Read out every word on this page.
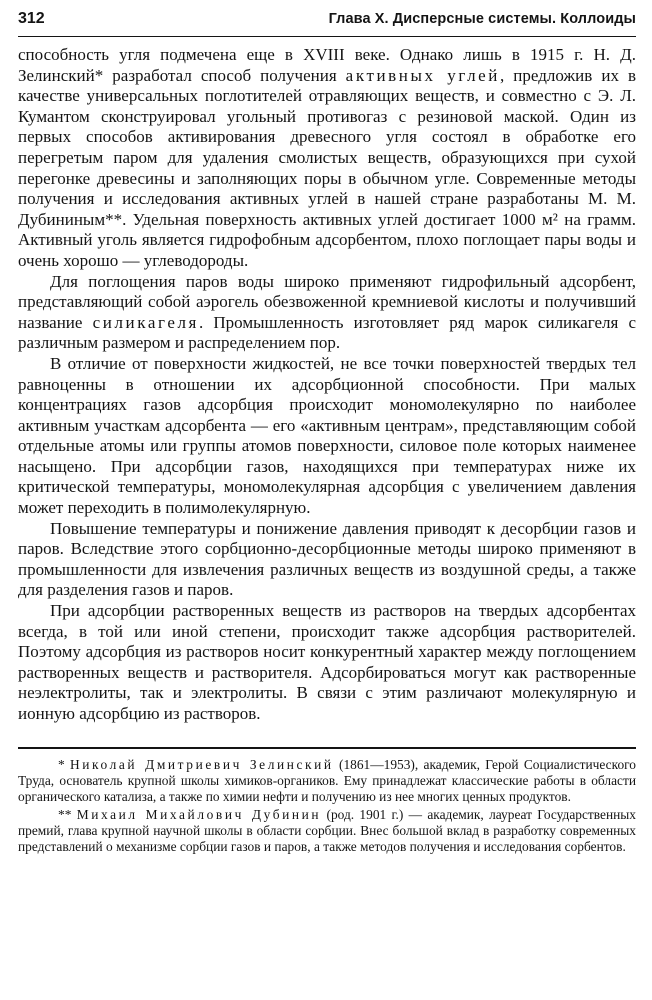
312	Глава X. Дисперсные системы. Коллоиды

способность угля подмечена еще в XVIII веке. Однако лишь в 1915 г. Н. Д. Зелинский* разработал способ получения активных углей, предложив их в качестве универсальных поглотителей отравляющих веществ, и совместно с Э. Л. Кумантом сконструировал угольный противогаз с резиновой маской. Один из первых способов активирования древесного угля состоял в обработке его перегретым паром для удаления смолистых веществ, образующихся при сухой перегонке древесины и заполняющих поры в обычном угле. Современные методы получения и исследования активных углей в нашей стране разработаны М. М. Дубининым**. Удельная поверхность активных углей достигает 1000 м² на грамм. Активный уголь является гидрофобным адсорбентом, плохо поглощает пары воды и очень хорошо — углеводороды.

Для поглощения паров воды широко применяют гидрофильный адсорбент, представляющий собой аэрогель обезвоженной кремниевой кислоты и получивший название силикагеля. Промышленность изготовляет ряд марок силикагеля с различным размером и распределением пор.

В отличие от поверхности жидкостей, не все точки поверхностей твердых тел равноценны в отношении их адсорбционной способности. При малых концентрациях газов адсорбция происходит мономолекулярно по наиболее активным участкам адсорбента — его «активным центрам», представляющим собой отдельные атомы или группы атомов поверхности, силовое поле которых наименее насыщено. При адсорбции газов, находящихся при температурах ниже их критической температуры, мономолекулярная адсорбция с увеличением давления может переходить в полимолекулярную.

Повышение температуры и понижение давления приводят к десорбции газов и паров. Вследствие этого сорбционно-десорбционные методы широко применяют в промышленности для извлечения различных веществ из воздушной среды, а также для разделения газов и паров.

При адсорбции растворенных веществ из растворов на твердых адсорбентах всегда, в той или иной степени, происходит также адсорбция растворителей. Поэтому адсорбция из растворов носит конкурентный характер между поглощением растворенных веществ и растворителя. Адсорбироваться могут как растворенные неэлектролиты, так и электролиты. В связи с этим различают молекулярную и ионную адсорбцию из растворов.

* Николай Дмитриевич Зелинский (1861—1953), академик, Герой Социалистического Труда, основатель крупной школы химиков-органиков. Ему принадлежат классические работы в области органического катализа, а также по химии нефти и получению из нее многих ценных продуктов.

** Михаил Михайлович Дубинин (род. 1901 г.) — академик, лауреат Государственных премий, глава крупной научной школы в области сорбции. Внес большой вклад в разработку современных представлений о механизме сорбции газов и паров, а также методов получения и исследования сорбентов.
